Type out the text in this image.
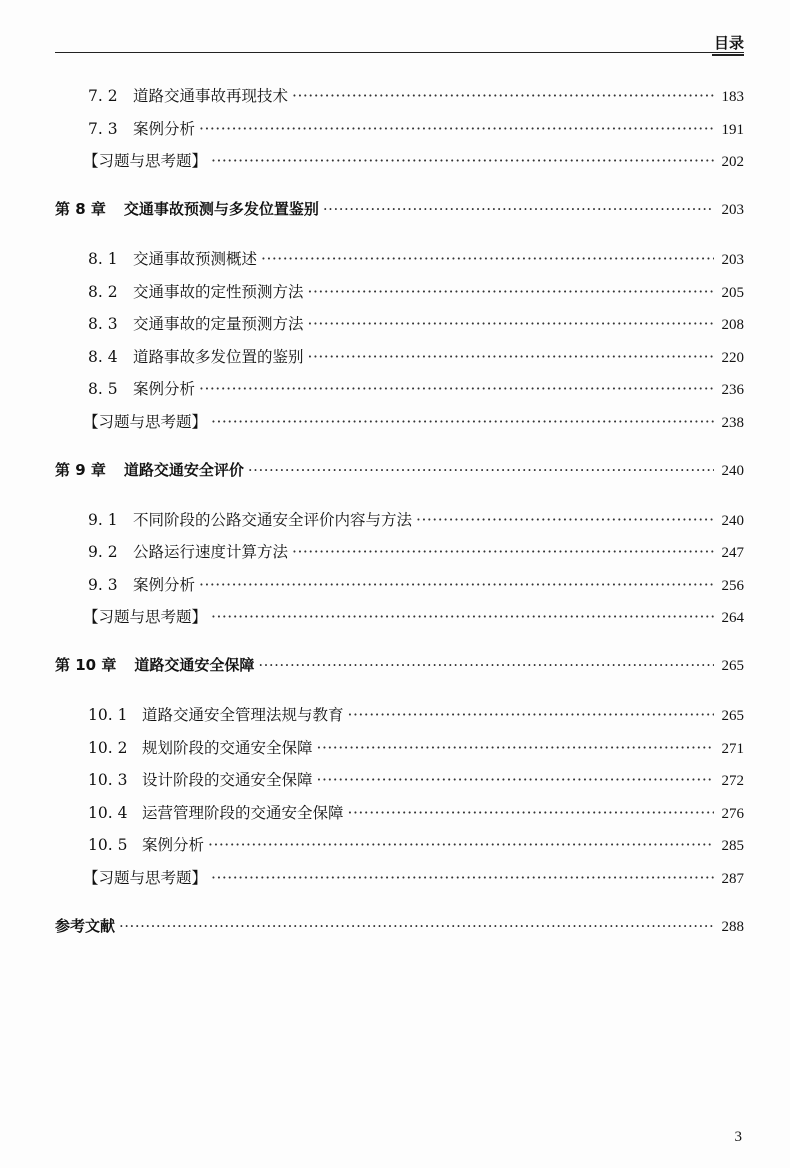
目录
7. 2 道路交通事故再现技术 ·····	183
7. 3 案例分析 ·····	191
【习题与思考题】 ·····	202
第 8 章 交通事故预测与多发位置鉴别 ·····	203
8. 1 交通事故预测概述 ·····	203
8. 2 交通事故的定性预测方法 ·····	205
8. 3 交通事故的定量预测方法 ·····	208
8. 4 道路事故多发位置的鉴别 ·····	220
8. 5 案例分析 ·····	236
【习题与思考题】 ·····	238
第 9 章 道路交通安全评价 ·····	240
9. 1 不同阶段的公路交通安全评价内容与方法 ·····	240
9. 2 公路运行速度计算方法 ·····	247
9. 3 案例分析 ·····	256
【习题与思考题】 ·····	264
第 10 章 道路交通安全保障 ·····	265
10. 1 道路交通安全管理法规与教育 ·····	265
10. 2 规划阶段的交通安全保障 ·····	271
10. 3 设计阶段的交通安全保障 ·····	272
10. 4 运营管理阶段的交通安全保障 ·····	276
10. 5 案例分析 ·····	285
【习题与思考题】 ·····	287
参考文献 ·····	288
3
